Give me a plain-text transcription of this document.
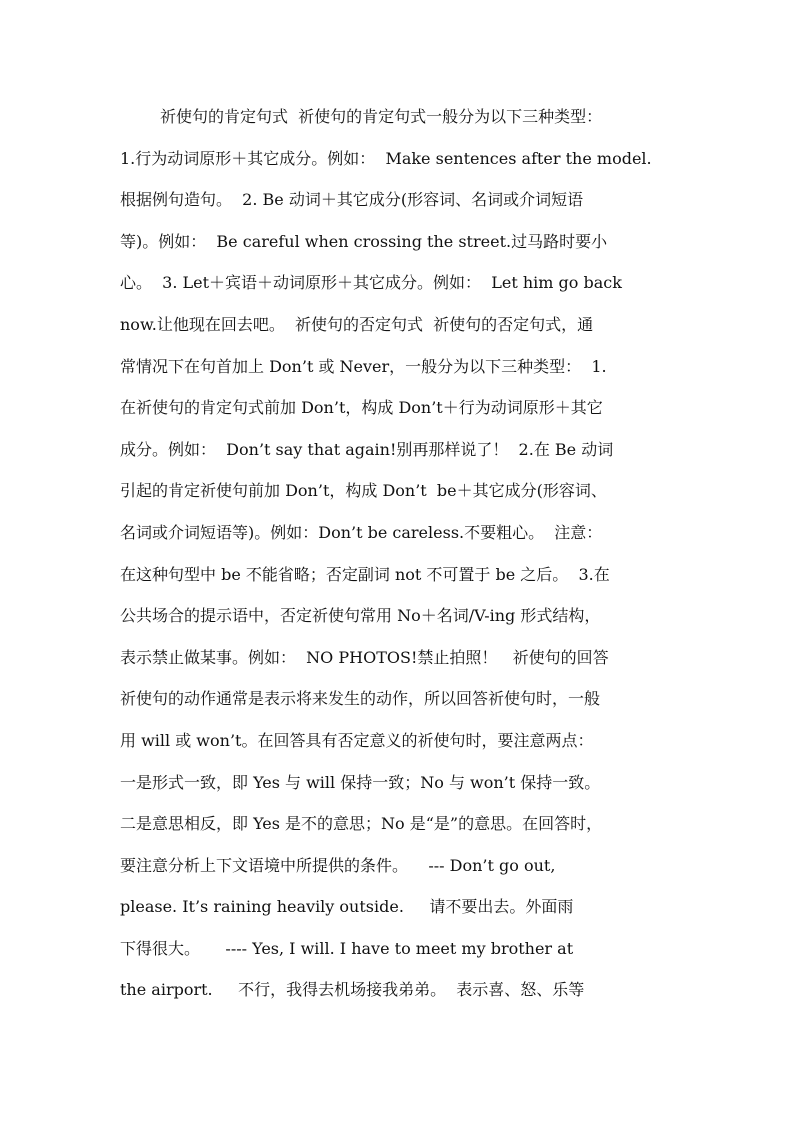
祈使句的肯定句式  祈使句的肯定句式一般分为以下三种类型：
1.行为动词原形＋其它成分。例如：  Make sentences after the model.
根据例句造句。  2. Be 动词＋其它成分(形容词、名词或介词短语
等)。例如：  Be careful when crossing the street.过马路时要小
心。  3. Let＋宾语＋动词原形＋其它成分。例如：  Let him go back
now.让他现在回去吧。  祈使句的否定句式  祈使句的否定句式，通
常情况下在句首加上 Don’t 或 Never，一般分为以下三种类型：  1.
在祈使句的肯定句式前加 Don’t，构成 Don’t＋行为动词原形＋其它
成分。例如：  Don’t say that again!别再那样说了！  2.在 Be 动词
引起的肯定祈使句前加 Don’t，构成 Don’t  be＋其它成分(形容词、
名词或介词短语等)。例如：Don’t be careless.不要粗心。  注意：
在这种句型中 be 不能省略；否定副词 not 不可置于 be 之后。  3.在
公共场合的提示语中，否定祈使句常用 No＋名词/V-ing 形式结构，
表示禁止做某事。例如：  NO PHOTOS!禁止拍照！   祈使句的回答
祈使句的动作通常是表示将来发生的动作，所以回答祈使句时，一般
用 will 或 won’t。在回答具有否定意义的祈使句时，要注意两点：
一是形式一致，即 Yes 与 will 保持一致；No 与 won’t 保持一致。
二是意思相反，即 Yes 是不的意思；No 是“是”的意思。在回答时，
要注意分析上下文语境中所提供的条件。    --- Don’t go out,
please. It’s raining heavily outside.     请不要出去。外面雨
下得很大。     ---- Yes, I will. I have to meet my brother at
the airport.     不行，我得去机场接我弟弟。  表示喜、怒、乐等
